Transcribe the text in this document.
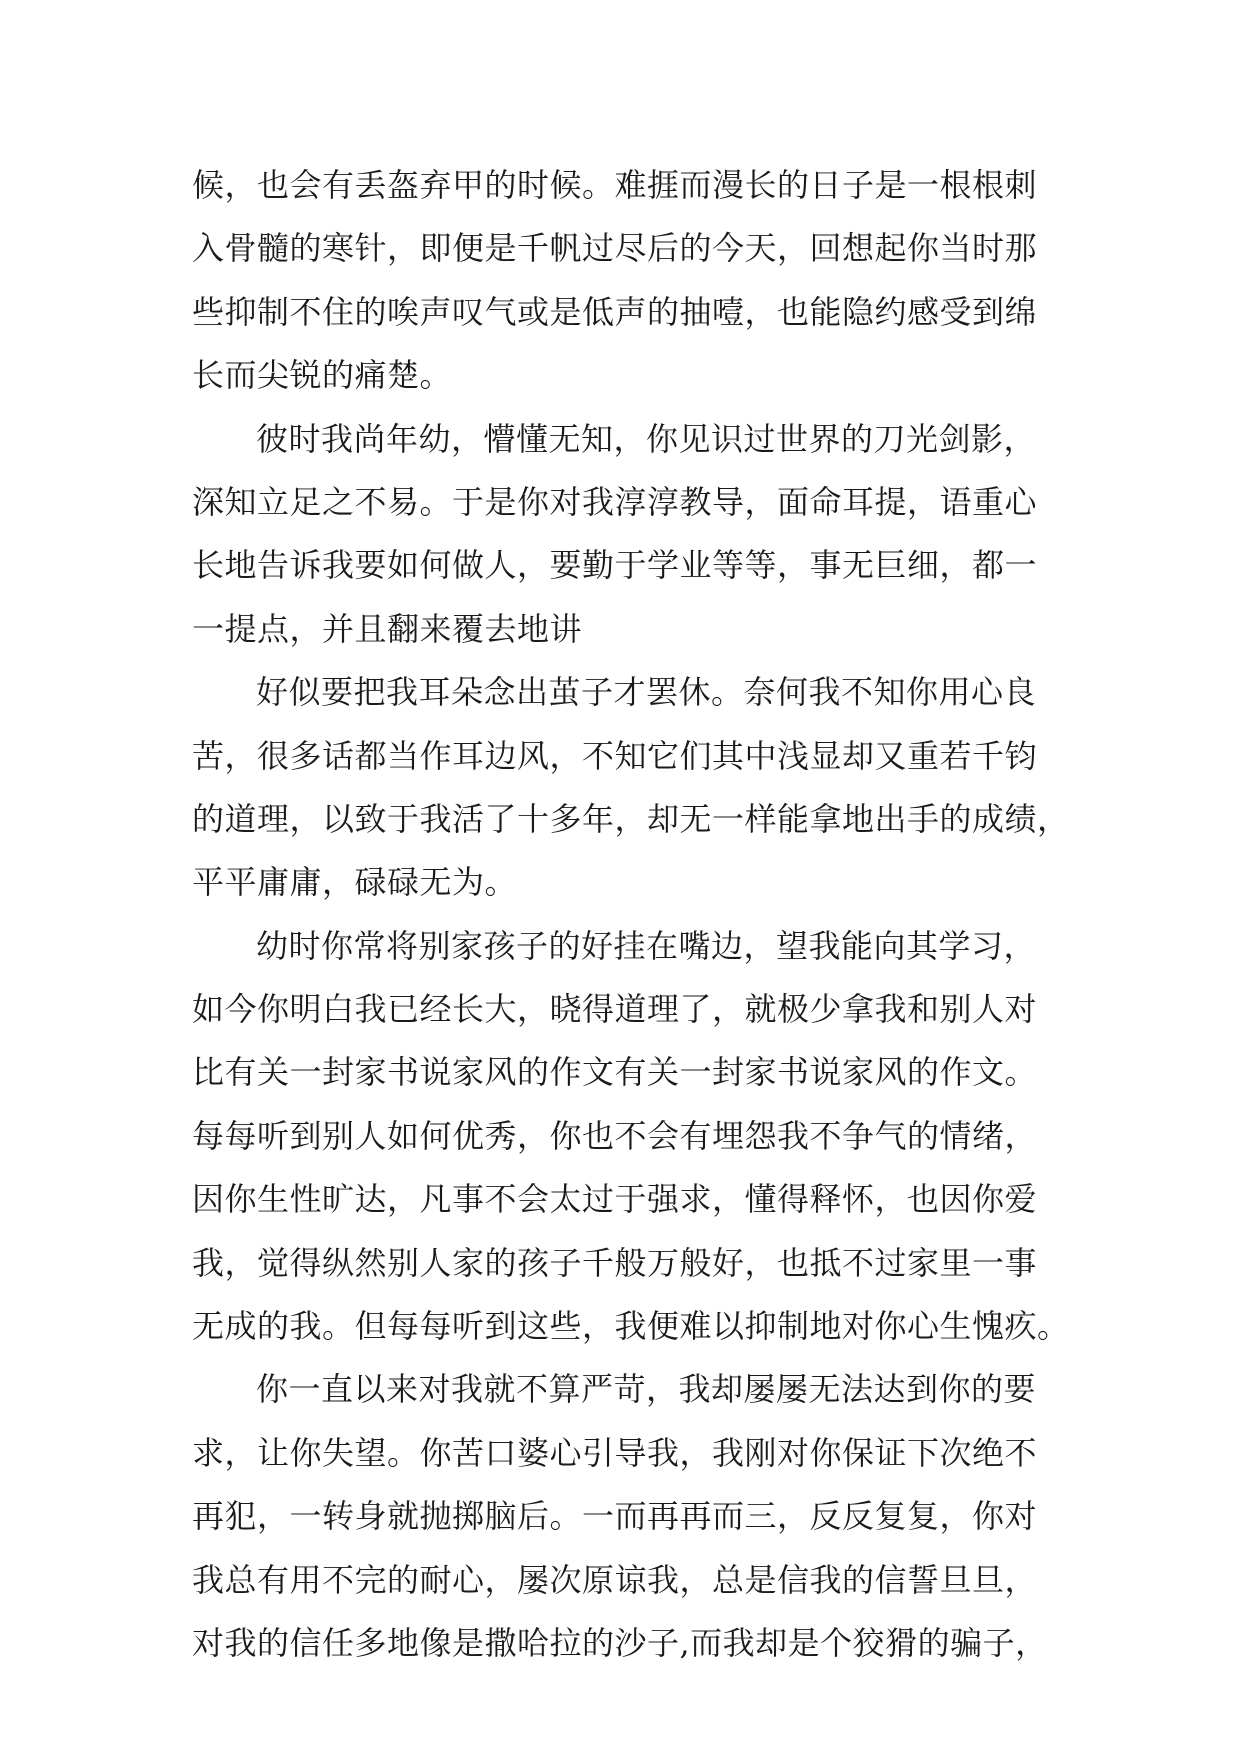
候，也会有丢盔弃甲的时候。难捱而漫长的日子是一根根刺
入骨髓的寒针，即便是千帆过尽后的今天，回想起你当时那
些抑制不住的唉声叹气或是低声的抽噎，也能隐约感受到绵
长而尖锐的痛楚。
彼时我尚年幼，懵懂无知，你见识过世界的刀光剑影，
深知立足之不易。于是你对我淳淳教导，面命耳提，语重心
长地告诉我要如何做人，要勤于学业等等，事无巨细，都一
一提点，并且翻来覆去地讲
好似要把我耳朵念出茧子才罢休。奈何我不知你用心良
苦，很多话都当作耳边风，不知它们其中浅显却又重若千钧
的道理，以致于我活了十多年，却无一样能拿地出手的成绩，
平平庸庸，碌碌无为。
幼时你常将别家孩子的好挂在嘴边，望我能向其学习，
如今你明白我已经长大，晓得道理了，就极少拿我和别人对
比有关一封家书说家风的作文有关一封家书说家风的作文。
每每听到别人如何优秀，你也不会有埋怨我不争气的情绪，
因你生性旷达，凡事不会太过于强求，懂得释怀，也因你爱
我，觉得纵然别人家的孩子千般万般好，也抵不过家里一事
无成的我。但每每听到这些，我便难以抑制地对你心生愧疚。
你一直以来对我就不算严苛，我却屡屡无法达到你的要
求，让你失望。你苦口婆心引导我，我刚对你保证下次绝不
再犯，一转身就抛掷脑后。一而再再而三，反反复复，你对
我总有用不完的耐心，屡次原谅我，总是信我的信誓旦旦，
对我的信任多地像是撒哈拉的沙子,而我却是个狡猾的骗子，
